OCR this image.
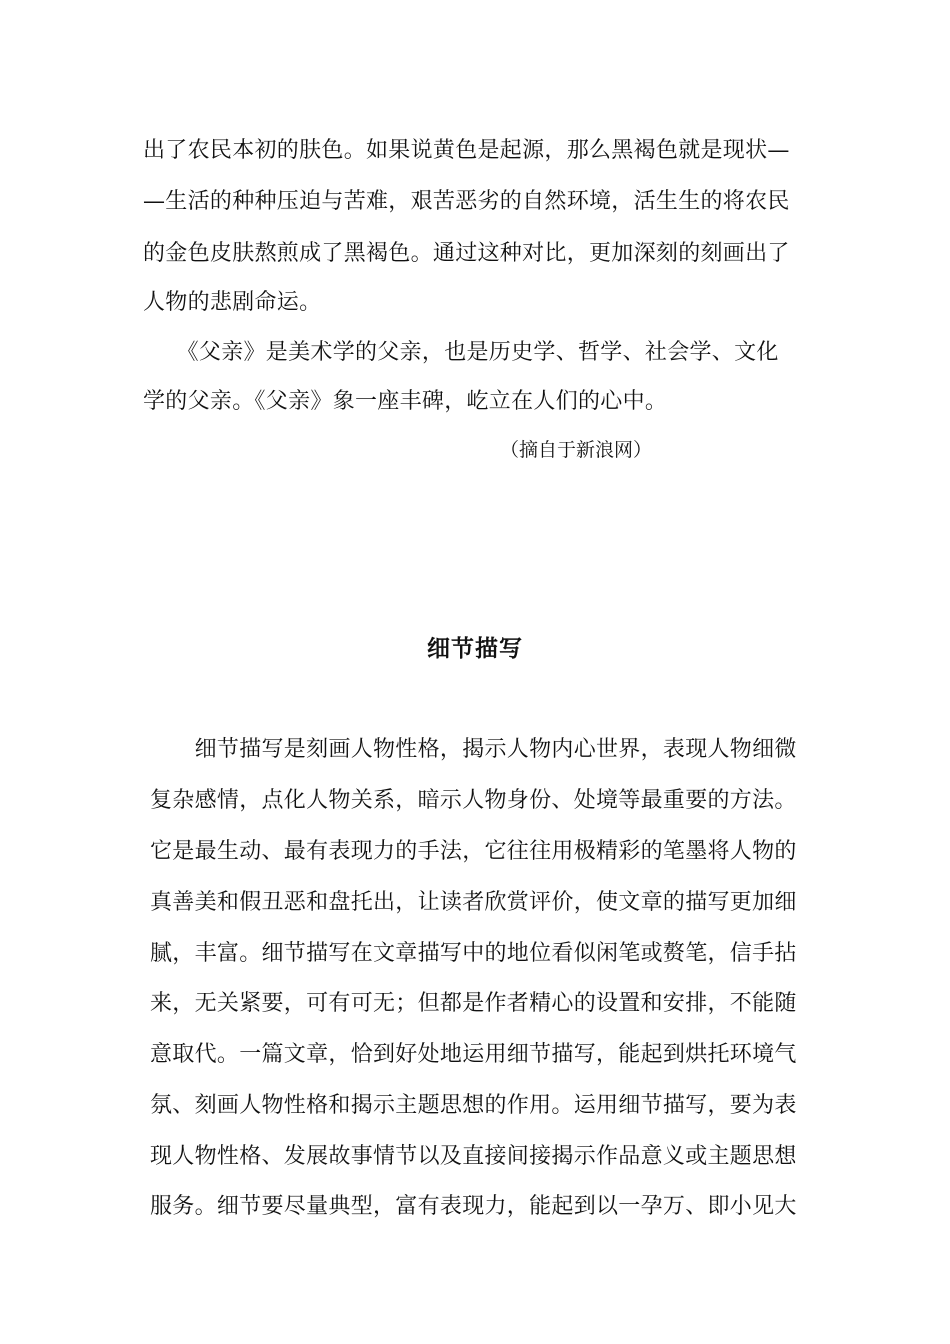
出了农民本初的肤色。如果说黄色是起源，那么黑褐色就是现状—
—生活的种种压迫与苦难，艰苦恶劣的自然环境，活生生的将农民
的金色皮肤熬煎成了黑褐色。通过这种对比，更加深刻的刻画出了
人物的悲剧命运。
　　《父亲》是美术学的父亲，也是历史学、哲学、社会学、文化
学的父亲。《父亲》象一座丰碑，屹立在人们的心中。
（摘自于新浪网）
细节描写
　　细节描写是刻画人物性格，揭示人物内心世界，表现人物细微
复杂感情，点化人物关系，暗示人物身份、处境等最重要的方法。
它是最生动、最有表现力的手法，它往往用极精彩的笔墨将人物的
真善美和假丑恶和盘托出，让读者欣赏评价，使文章的描写更加细
腻，丰富。细节描写在文章描写中的地位看似闲笔或赘笔，信手拈
来，无关紧要，可有可无；但都是作者精心的设置和安排，不能随
意取代。一篇文章，恰到好处地运用细节描写，能起到烘托环境气
氛、刻画人物性格和揭示主题思想的作用。运用细节描写，要为表
现人物性格、发展故事情节以及直接间接揭示作品意义或主题思想
服务。细节要尽量典型，富有表现力，能起到以一孕万、即小见大
